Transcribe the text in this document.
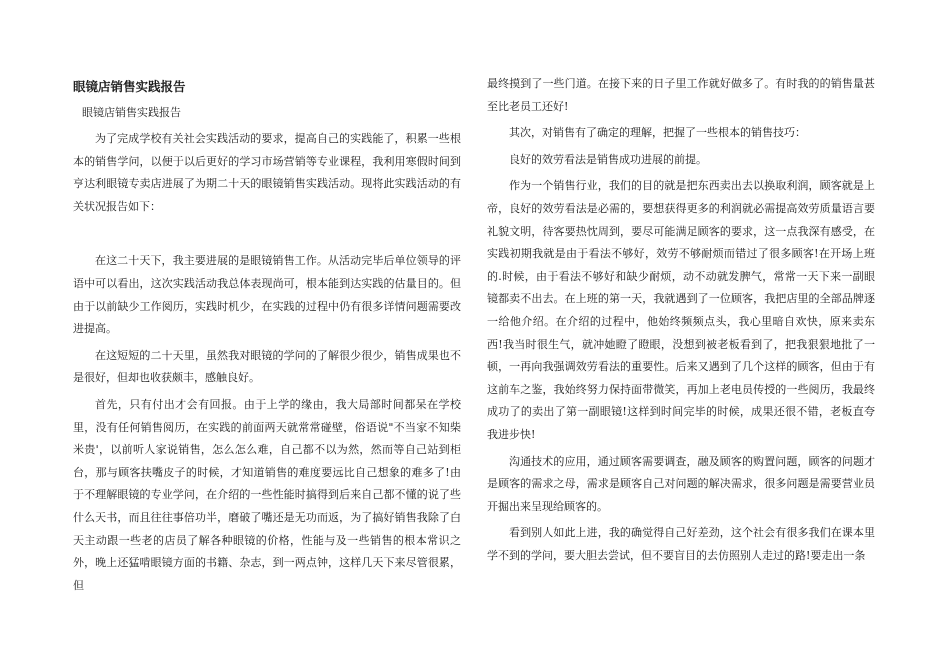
眼镜店销售实践报告
眼镜店销售实践报告

为了完成学校有关社会实践活动的要求，提高自己的实践能了，积累一些根本的销售学问，以便于以后更好的学习市场营销等专业课程，我利用寒假时间到亨达利眼镜专卖店进展了为期二十天的眼镜销售实践活动。现将此实践活动的有关状况报告如下：

在这二十天下，我主要进展的是眼镜销售工作。从活动完毕后单位领导的评语中可以看出，这次实践活动我总体表现尚可，根本能到达实践的估量目的。但由于以前缺少工作阅历，实践时机少，在实践的过程中仍有很多详情问题需要改进提高。

在这短短的二十天里，虽然我对眼镜的学问的了解很少很少，销售成果也不是很好，但却也收获颇丰，感触良好。

首先，只有付出才会有回报。由于上学的缘由，我大局部时间都呆在学校里，没有任何销售阅历，在实践的前面两天就常常碰壁，俗语说"不当家不知柴米贵'，以前听人家说销售，怎么怎么难，自己都不以为然，然而等自己站到柜台，那与顾客扶嘴皮子的时候，才知道销售的难度要远比自己想象的难多了!由于不理解眼镜的专业学问，在介绍的一些性能时搞得到后来自己都不懂的说了些什么天书，而且往往事倍功半，磨破了嘴还是无功而返，为了搞好销售我除了白天主动跟一些老的店员了解各种眼镜的价格，性能与及一些销售的根本常识之外，晚上还猛啃眼镜方面的书籍、杂志，到一两点钟，这样几天下来尽管很累，但

最终摸到了一些门道。在接下来的日子里工作就好做多了。有时我的的销售量甚至比老员工还好!

其次，对销售有了确定的理解，把握了一些根本的销售技巧：

良好的效劳看法是销售成功进展的前提。

作为一个销售行业，我们的目的就是把东西卖出去以换取利润，顾客就是上帝，良好的效劳看法是必需的，要想获得更多的利润就必需提高效劳质量语言要礼貌文明，待客要热忱周到，要尽可能满足顾客的要求，这一点我深有感受，在实践初期我就是由于看法不够好，效劳不够耐烦而错过了很多顾客!在开场上班的.时候，由于看法不够好和缺少耐烦，动不动就发脾气，常常一天下来一副眼镜都卖不出去。在上班的第一天，我就遇到了一位顾客，我把店里的全部品牌逐一给他介绍。在介绍的过程中，他始终频频点头，我心里暗自欢快，原来卖东西!我当时很生气，就冲她瞪了瞪眼，没想到被老板看到了，把我狠狠地批了一顿，一再向我强调效劳看法的重要性。后来又遇到了几个这样的顾客，但由于有这前车之鉴，我始终努力保持面带微笑，再加上老电员传授的一些阅历，我最终成功了的卖出了第一副眼镜!这样到时间完毕的时候，成果还很不错，老板直夸我进步快!

沟通技术的应用，通过顾客需要调查，融及顾客的购置问题，顾客的问题才是顾客的需求之母，需求是顾客自己对问题的解决需求，很多问题是需要营业员开掘出来呈现给顾客的。

看到别人如此上进，我的确觉得自己好差劲，这个社会有很多我们在课本里学不到的学问，要大胆去尝试，但不要盲目的去仿照别人走过的路!要走出一条
